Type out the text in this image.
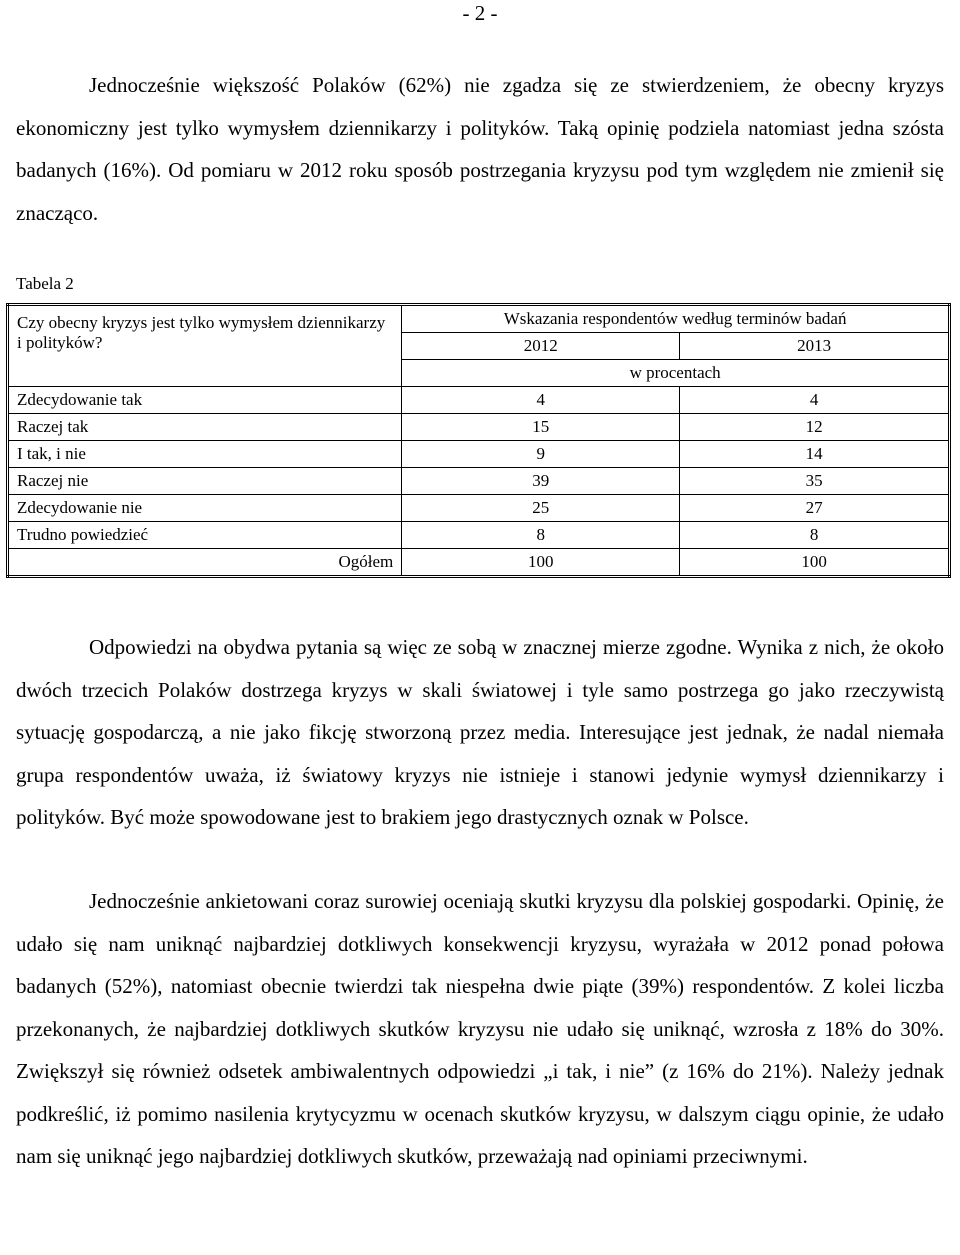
- 2 -
Jednocześnie większość Polaków (62%) nie zgadza się ze stwierdzeniem, że obecny kryzys ekonomiczny jest tylko wymysłem dziennikarzy i polityków. Taką opinię podziela natomiast jedna szósta badanych (16%). Od pomiaru w 2012 roku sposób postrzegania kryzysu pod tym względem nie zmienił się znacząco.
Tabela 2
Czy obecny kryzys jest tylko wymysłem dziennikarzy i polityków?	Wskazania respondentów według terminów badań	
	2012	2013
	w procentach	
Zdecydowanie tak	4	4
Raczej tak	15	12
I tak, i nie	9	14
Raczej nie	39	35
Zdecydowanie nie	25	27
Trudno powiedzieć	8	8
Ogółem	100	100
Odpowiedzi na obydwa pytania są więc ze sobą w znacznej mierze zgodne. Wynika z nich, że około dwóch trzecich Polaków dostrzega kryzys w skali światowej i tyle samo postrzega go jako rzeczywistą sytuację gospodarczą, a nie jako fikcję stworzoną przez media. Interesujące jest jednak, że nadal niemała grupa respondentów uważa, iż światowy kryzys nie istnieje i stanowi jedynie wymysł dziennikarzy i polityków. Być może spowodowane jest to brakiem jego drastycznych oznak w Polsce.
Jednocześnie ankietowani coraz surowiej oceniają skutki kryzysu dla polskiej gospodarki. Opinię, że udało się nam uniknąć najbardziej dotkliwych konsekwencji kryzysu, wyrażała w 2012 ponad połowa badanych (52%), natomiast obecnie twierdzi tak niespełna dwie piąte (39%) respondentów. Z kolei liczba przekonanych, że najbardziej dotkliwych skutków kryzysu nie udało się uniknąć, wzrosła z 18% do 30%. Zwiększył się również odsetek ambiwalentnych odpowiedzi „i tak, i nie” (z 16% do 21%). Należy jednak podkreślić, iż pomimo nasilenia krytycyzmu w ocenach skutków kryzysu, w dalszym ciągu opinie, że udało nam się uniknąć jego najbardziej dotkliwych skutków, przeważają nad opiniami przeciwnymi.
